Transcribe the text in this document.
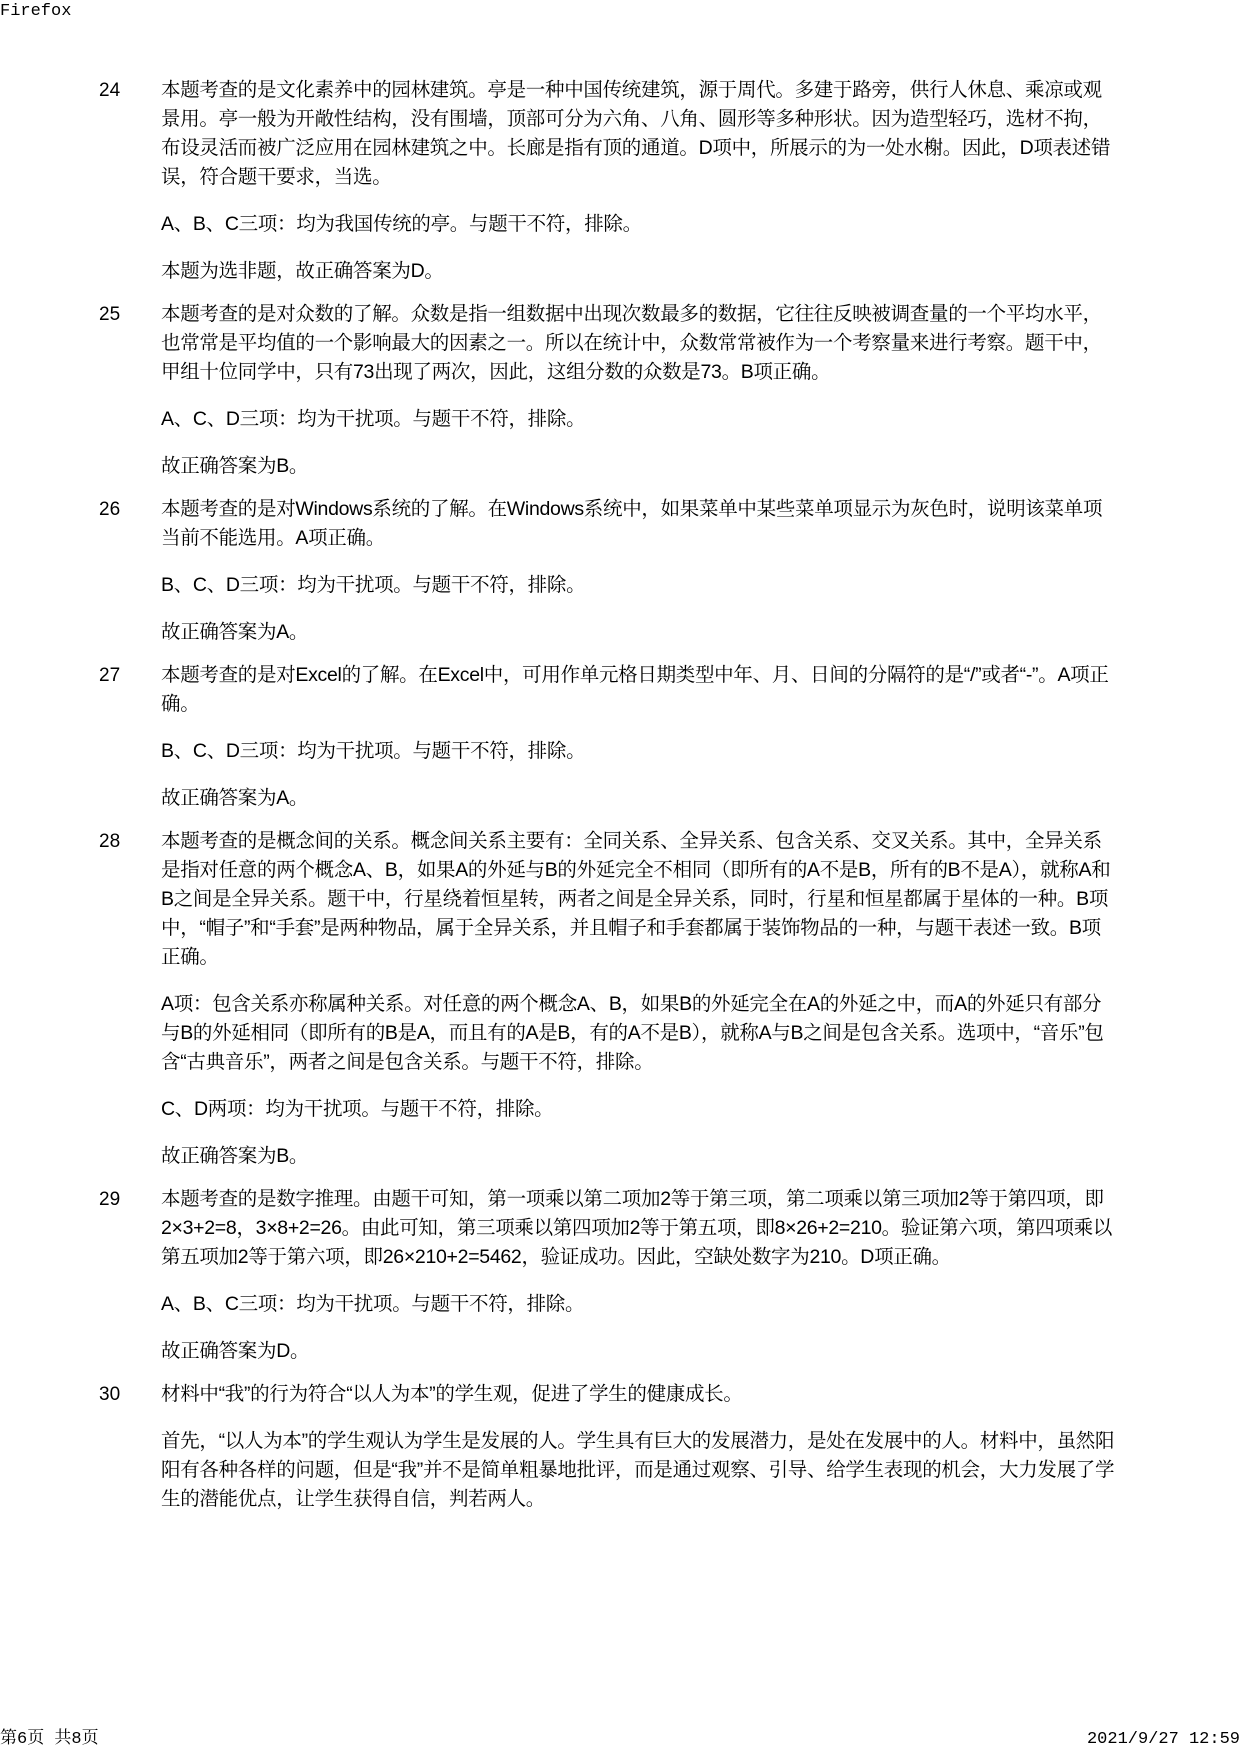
Firefox
24	本题考查的是文化素养中的园林建筑。亭是一种中国传统建筑，源于周代。多建于路旁，供行人休息、乘凉或观景用。亭一般为开敞性结构，没有围墙，顶部可分为六角、八角、圆形等多种形状。因为造型轻巧，选材不拘，布设灵活而被广泛应用在园林建筑之中。长廊是指有顶的通道。D项中，所展示的为一处水榭。因此，D项表述错误，符合题干要求，当选。

A、B、C三项：均为我国传统的亭。与题干不符，排除。

本题为选非题，故正确答案为D。

25	本题考查的是对众数的了解。众数是指一组数据中出现次数最多的数据，它往往反映被调查量的一个平均水平，也常常是平均值的一个影响最大的因素之一。所以在统计中，众数常常被作为一个考察量来进行考察。题干中，甲组十位同学中，只有73出现了两次，因此，这组分数的众数是73。B项正确。

A、C、D三项：均为干扰项。与题干不符，排除。

故正确答案为B。

26	本题考查的是对Windows系统的了解。在Windows系统中，如果菜单中某些菜单项显示为灰色时，说明该菜单项当前不能选用。A项正确。

B、C、D三项：均为干扰项。与题干不符，排除。

故正确答案为A。

27	本题考查的是对Excel的了解。在Excel中，可用作单元格日期类型中年、月、日间的分隔符的是“/”或者“-”。A项正确。

B、C、D三项：均为干扰项。与题干不符，排除。

故正确答案为A。

28	本题考查的是概念间的关系。概念间关系主要有：全同关系、全异关系、包含关系、交叉关系。其中，全异关系是指对任意的两个概念A、B，如果A的外延与B的外延完全不相同（即所有的A不是B，所有的B不是A），就称A和B之间是全异关系。题干中，行星绕着恒星转，两者之间是全异关系，同时，行星和恒星都属于星体的一种。B项中，“帽子”和“手套”是两种物品，属于全异关系，并且帽子和手套都属于装饰物品的一种，与题干表述一致。B项正确。

A项：包含关系亦称属种关系。对任意的两个概念A、B，如果B的外延完全在A的外延之中，而A的外延只有部分与B的外延相同（即所有的B是A，而且有的A是B，有的A不是B），就称A与B之间是包含关系。选项中，“音乐”包含“古典音乐”，两者之间是包含关系。与题干不符，排除。

C、D两项：均为干扰项。与题干不符，排除。

故正确答案为B。

29	本题考查的是数字推理。由题干可知，第一项乘以第二项加2等于第三项，第二项乘以第三项加2等于第四项，即2×3+2=8，3×8+2=26。由此可知，第三项乘以第四项加2等于第五项，即8×26+2=210。验证第六项，第四项乘以第五项加2等于第六项，即26×210+2=5462，验证成功。因此，空缺处数字为210。D项正确。

A、B、C三项：均为干扰项。与题干不符，排除。

故正确答案为D。

30	材料中“我”的行为符合“以人为本”的学生观，促进了学生的健康成长。

首先，“以人为本”的学生观认为学生是发展的人。学生具有巨大的发展潜力，是处在发展中的人。材料中，虽然阳阳有各种各样的问题，但是“我”并不是简单粗暴地批评，而是通过观察、引导、给学生表现的机会，大力发展了学生的潜能优点，让学生获得自信，判若两人。

第6页 共8页	2021/9/27 12:59
